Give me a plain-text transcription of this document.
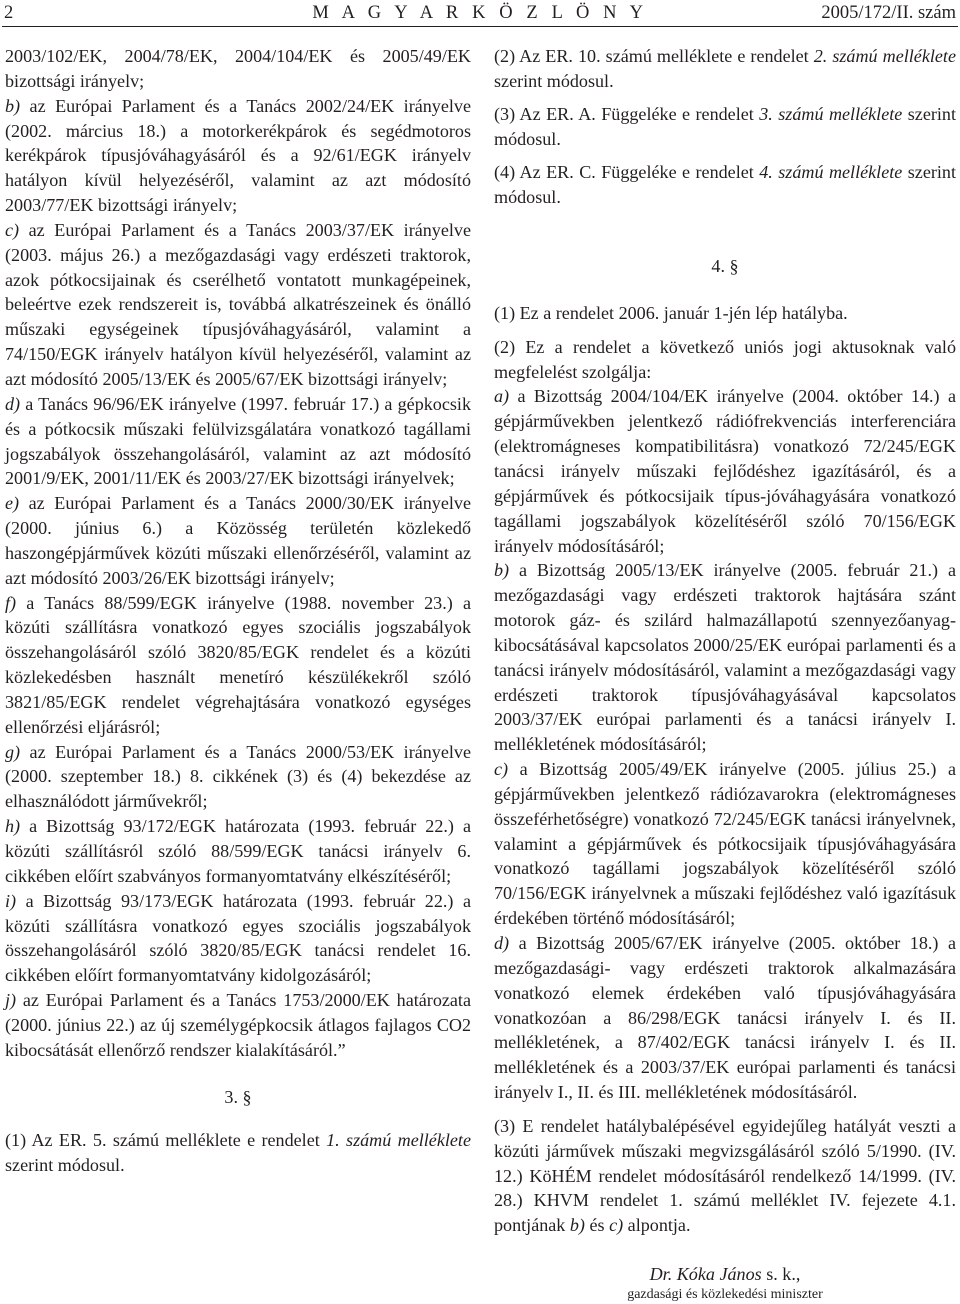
2	M A G Y A R K Ö Z L Ö N Y	2005/172/II. szám

2003/102/EK, 2004/78/EK, 2004/104/EK és 2005/49/EK bizottsági irányelv;

b) az Európai Parlament és a Tanács 2002/24/EK irányelve (2002. március 18.) a motorkerékpárok és segédmotoros kerékpárok típusjóváhagyásáról és a 92/61/EGK irányelv hatályon kívül helyezéséről, valamint az azt módosító 2003/77/EK bizottsági irányelv;

c) az Európai Parlament és a Tanács 2003/37/EK irányelve (2003. május 26.) a mezőgazdasági vagy erdészeti traktorok, azok pótkocsijainak és cserélhető vontatott munkagépeinek, beleértve ezek rendszereit is, továbbá alkatrészeinek és önálló műszaki egységeinek típusjóváhagyásáról, valamint a 74/150/EGK irányelv hatályon kívül helyezéséről, valamint az azt módosító 2005/13/EK és 2005/67/EK bizottsági irányelv;

d) a Tanács 96/96/EK irányelve (1997. február 17.) a gépkocsik és a pótkocsik műszaki felülvizsgálatára vonatkozó tagállami jogszabályok összehangolásáról, valamint az azt módosító 2001/9/EK, 2001/11/EK és 2003/27/EK bizottsági irányelvek;

e) az Európai Parlament és a Tanács 2000/30/EK irányelve (2000. június 6.) a Közösség területén közlekedő haszongépjárművek közúti műszaki ellenőrzéséről, valamint az azt módosító 2003/26/EK bizottsági irányelv;

f) a Tanács 88/599/EGK irányelve (1988. november 23.) a közúti szállításra vonatkozó egyes szociális jogszabályok összehangolásáról szóló 3820/85/EGK rendelet és a közúti közlekedésben használt menetíró készülékekről szóló 3821/85/EGK rendelet végrehajtására vonatkozó egységes ellenőrzési eljárásról;

g) az Európai Parlament és a Tanács 2000/53/EK irányelve (2000. szeptember 18.) 8. cikkének (3) és (4) bekezdése az elhasználódott járművekről;

h) a Bizottság 93/172/EGK határozata (1993. február 22.) a közúti szállításról szóló 88/599/EGK tanácsi irányelv 6. cikkében előírt szabványos formanyomtatvány elkészítéséről;

i) a Bizottság 93/173/EGK határozata (1993. február 22.) a közúti szállításra vonatkozó egyes szociális jogszabályok összehangolásáról szóló 3820/85/EGK tanácsi rendelet 16. cikkében előírt formanyomtatvány kidolgozásáról;

j) az Európai Parlament és a Tanács 1753/2000/EK határozata (2000. június 22.) az új személygépkocsik átlagos fajlagos CO2 kibocsátását ellenőrző rendszer kialakításáról.”

3. §

(1) Az ER. 5. számú melléklete e rendelet 1. számú melléklete szerint módosul.

(2) Az ER. 10. számú melléklete e rendelet 2. számú melléklete szerint módosul.

(3) Az ER. A. Függeléke e rendelet 3. számú melléklete szerint módosul.

(4) Az ER. C. Függeléke e rendelet 4. számú melléklete szerint módosul.

4. §

(1) Ez a rendelet 2006. január 1-jén lép hatályba.

(2) Ez a rendelet a következő uniós jogi aktusoknak való megfelelést szolgálja:

a) a Bizottság 2004/104/EK irányelve (2004. október 14.) a gépjárművekben jelentkező rádiófrekvenciás interferenciára (elektromágneses kompatibilitásra) vonatkozó 72/245/EGK tanácsi irányelv műszaki fejlődéshez igazításáról, és a gépjárművek és pótkocsijaik típus-jóváhagyására vonatkozó tagállami jogszabályok közelítéséről szóló 70/156/EGK irányelv módosításáról;

b) a Bizottság 2005/13/EK irányelve (2005. február 21.) a mezőgazdasági vagy erdészeti traktorok hajtására szánt motorok gáz- és szilárd halmazállapotú szennyezőanyag-kibocsátásával kapcsolatos 2000/25/EK európai parlamenti és a tanácsi irányelv módosításáról, valamint a mezőgazdasági vagy erdészeti traktorok típusjóváhagyásával kapcsolatos 2003/37/EK európai parlamenti és a tanácsi irányelv I. mellékletének módosításáról;

c) a Bizottság 2005/49/EK irányelve (2005. július 25.) a gépjárművekben jelentkező rádiózavarokra (elektromágneses összeférhetőségre) vonatkozó 72/245/EGK tanácsi irányelvnek, valamint a gépjárművek és pótkocsijaik típusjóváhagyására vonatkozó tagállami jogszabályok közelítéséről szóló 70/156/EGK irányelvnek a műszaki fejlődéshez való igazításuk érdekében történő módosításáról;

d) a Bizottság 2005/67/EK irányelve (2005. október 18.) a mezőgazdasági- vagy erdészeti traktorok alkalmazására vonatkozó elemek érdekében való típusjóváhagyására vonatkozóan a 86/298/EGK tanácsi irányelv I. és II. mellékletének, a 87/402/EGK tanácsi irányelv I. és II. mellékletének és a 2003/37/EK európai parlamenti és tanácsi irányelv I., II. és III. mellékletének módosításáról.

(3) E rendelet hatálybalépésével egyidejűleg hatályát veszti a közúti járművek műszaki megvizsgálásáról szóló 5/1990. (IV. 12.) KöHÉM rendelet módosításáról rendelkező 14/1999. (IV. 28.) KHVM rendelet 1. számú melléklet IV. fejezete 4.1. pontjának b) és c) alpontja.

Dr. Kóka János s. k.,
gazdasági és közlekedési miniszter
